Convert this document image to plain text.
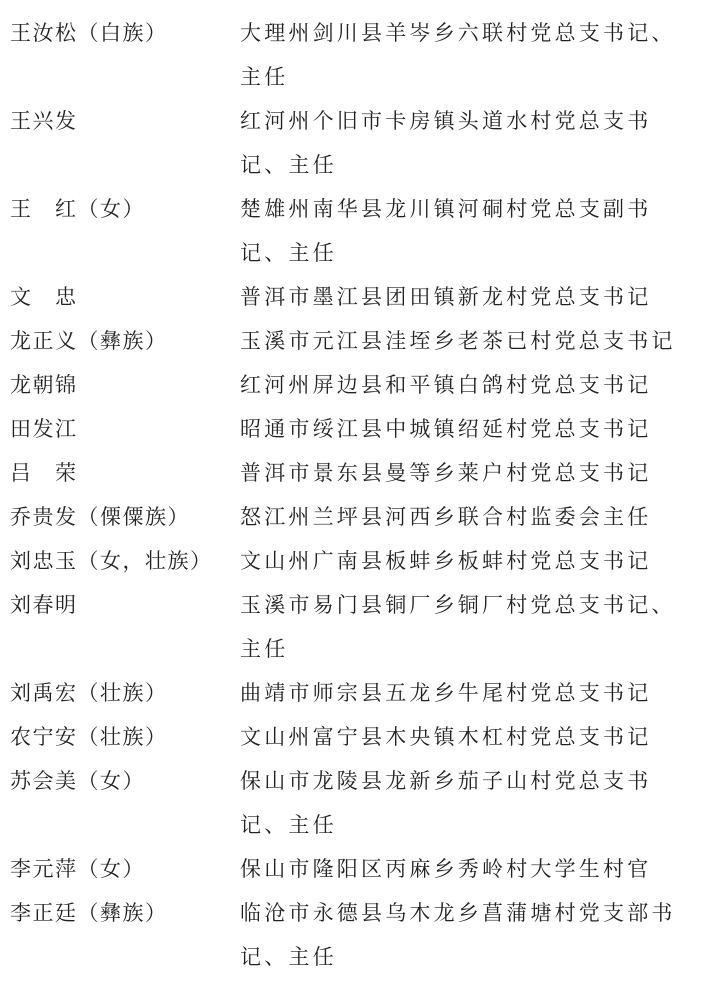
王汝松（白族）	大理州剑川县羊岑乡六联村党总支书记、主任
王兴发	红河州个旧市卡房镇头道水村党总支书记、主任
王　红（女）	楚雄州南华县龙川镇河硐村党总支副书记、主任
文　忠	普洱市墨江县团田镇新龙村党总支书记
龙正义（彝族）	玉溪市元江县洼垤乡老茶已村党总支书记
龙朝锦	红河州屏边县和平镇白鸽村党总支书记
田发江	昭通市绥江县中城镇绍延村党总支书记
吕　荣	普洱市景东县曼等乡莱户村党总支书记
乔贵发（傈僳族）	怒江州兰坪县河西乡联合村监委会主任
刘忠玉（女，壮族）	文山州广南县板蚌乡板蚌村党总支书记
刘春明	玉溪市易门县铜厂乡铜厂村党总支书记、主任
刘禹宏（壮族）	曲靖市师宗县五龙乡牛尾村党总支书记
农宁安（壮族）	文山州富宁县木央镇木杠村党总支书记
苏会美（女）	保山市龙陵县龙新乡茄子山村党总支书记、主任
李元萍（女）	保山市隆阳区丙麻乡秀岭村大学生村官
李正廷（彝族）	临沧市永德县乌木龙乡菖蒲塘村党支部书记、主任
